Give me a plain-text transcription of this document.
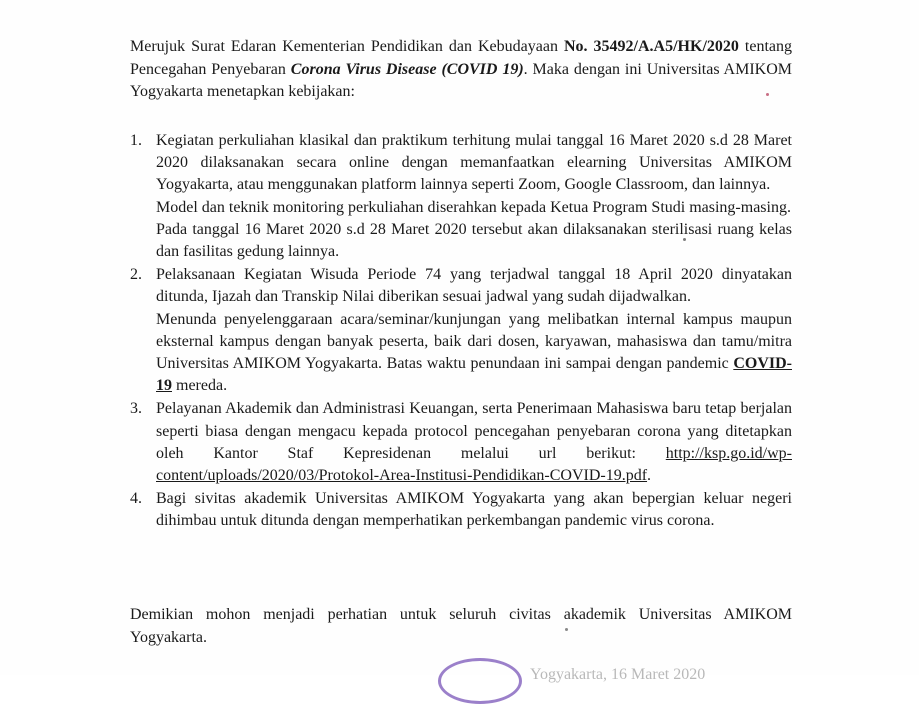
Merujuk Surat Edaran Kementerian Pendidikan dan Kebudayaan No. 35492/A.A5/HK/2020 tentang Pencegahan Penyebaran Corona Virus Disease (COVID 19). Maka dengan ini Universitas AMIKOM Yogyakarta menetapkan kebijakan:
1. Kegiatan perkuliahan klasikal dan praktikum terhitung mulai tanggal 16 Maret 2020 s.d 28 Maret 2020 dilaksanakan secara online dengan memanfaatkan elearning Universitas AMIKOM Yogyakarta, atau menggunakan platform lainnya seperti Zoom, Google Classroom, dan lainnya.

Model dan teknik monitoring perkuliahan diserahkan kepada Ketua Program Studi masing-masing.

Pada tanggal 16 Maret 2020 s.d 28 Maret 2020 tersebut akan dilaksanakan sterilisasi ruang kelas dan fasilitas gedung lainnya.

2. Pelaksanaan Kegiatan Wisuda Periode 74 yang terjadwal tanggal 18 April 2020 dinyatakan ditunda, Ijazah dan Transkip Nilai diberikan sesuai jadwal yang sudah dijadwalkan.

Menunda penyelenggaraan acara/seminar/kunjungan yang melibatkan internal kampus maupun eksternal kampus dengan banyak peserta, baik dari dosen, karyawan, mahasiswa dan tamu/mitra Universitas AMIKOM Yogyakarta. Batas waktu penundaan ini sampai dengan pandemic COVID-19 mereda.

3. Pelayanan Akademik dan Administrasi Keuangan, serta Penerimaan Mahasiswa baru tetap berjalan seperti biasa dengan mengacu kepada protocol pencegahan penyebaran corona yang ditetapkan oleh Kantor Staf Kepresidenan melalui url berikut: http://ksp.go.id/wp-content/uploads/2020/03/Protokol-Area-Institusi-Pendidikan-COVID-19.pdf.

4. Bagi sivitas akademik Universitas AMIKOM Yogyakarta yang akan bepergian keluar negeri dihimbau untuk ditunda dengan memperhatikan perkembangan pandemic virus corona.

Demikian mohon menjadi perhatian untuk seluruh civitas akademik Universitas AMIKOM Yogyakarta.
Yogyakarta, 16 Maret 2020
